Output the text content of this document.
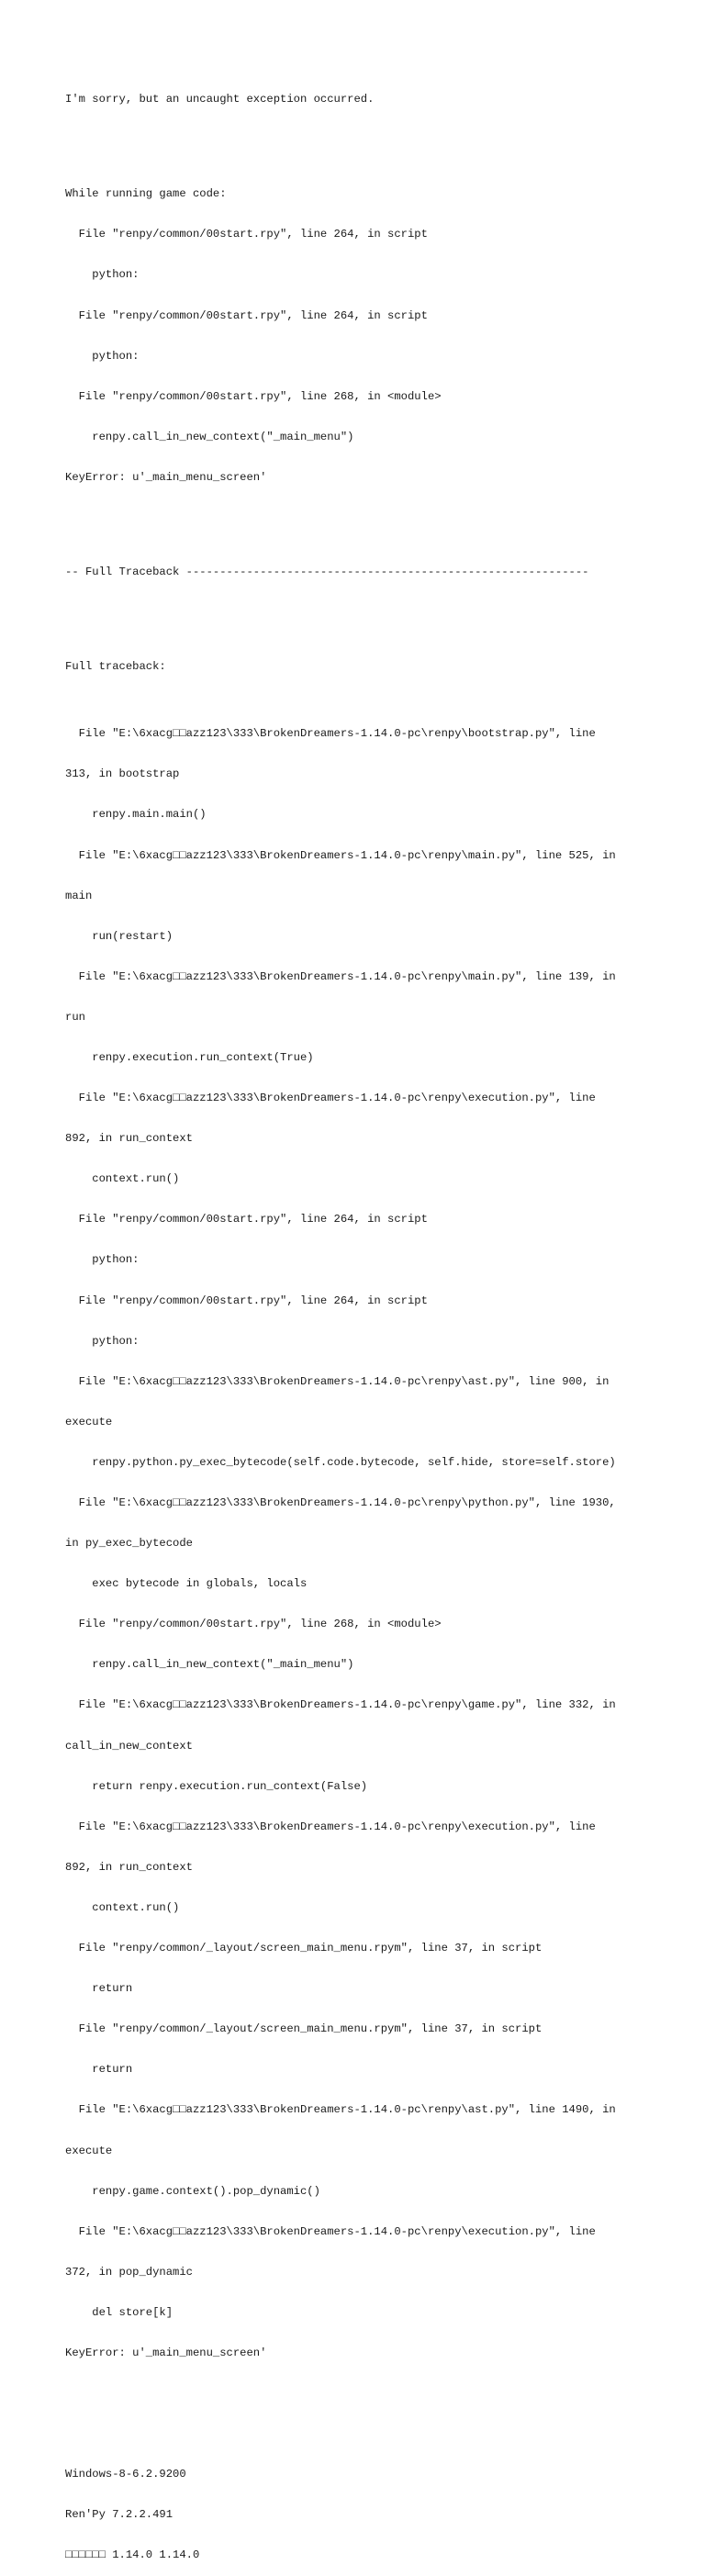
I'm sorry, but an uncaught exception occurred.

While running game code:

File "renpy/common/00start.rpy", line 264, in script

python:

File "renpy/common/00start.rpy", line 264, in script

python:

File "renpy/common/00start.rpy", line 268, in <module>

renpy.call_in_new_context("_main_menu")

KeyError: u'_main_menu_screen'

-- Full Traceback ------------------------------------------------------------

Full traceback:

File "E:\6xacg□□azz123\333\BrokenDreamers-1.14.0-pc\renpy\bootstrap.py", line

313, in bootstrap

renpy.main.main()

File "E:\6xacg□□azz123\333\BrokenDreamers-1.14.0-pc\renpy\main.py", line 525, in

main

run(restart)

File "E:\6xacg□□azz123\333\BrokenDreamers-1.14.0-pc\renpy\main.py", line 139, in

run

renpy.execution.run_context(True)

File "E:\6xacg□□azz123\333\BrokenDreamers-1.14.0-pc\renpy\execution.py", line

892, in run_context

context.run()

File "renpy/common/00start.rpy", line 264, in script

python:

File "renpy/common/00start.rpy", line 264, in script

python:

File "E:\6xacg□□azz123\333\BrokenDreamers-1.14.0-pc\renpy\ast.py", line 900, in

execute

renpy.python.py_exec_bytecode(self.code.bytecode, self.hide, store=self.store)

File "E:\6xacg□□azz123\333\BrokenDreamers-1.14.0-pc\renpy\python.py", line 1930,

in py_exec_bytecode

exec bytecode in globals, locals

File "renpy/common/00start.rpy", line 268, in <module>

renpy.call_in_new_context("_main_menu")

File "E:\6xacg□□azz123\333\BrokenDreamers-1.14.0-pc\renpy\game.py", line 332, in

call_in_new_context

return renpy.execution.run_context(False)

File "E:\6xacg□□azz123\333\BrokenDreamers-1.14.0-pc\renpy\execution.py", line

892, in run_context

context.run()

File "renpy/common/_layout/screen_main_menu.rpym", line 37, in script

return

File "renpy/common/_layout/screen_main_menu.rpym", line 37, in script

return

File "E:\6xacg□□azz123\333\BrokenDreamers-1.14.0-pc\renpy\ast.py", line 1490, in

execute

renpy.game.context().pop_dynamic()

File "E:\6xacg□□azz123\333\BrokenDreamers-1.14.0-pc\renpy\execution.py", line

372, in pop_dynamic

del store[k]

KeyError: u'_main_menu_screen'

Windows-8-6.2.9200

Ren'Py 7.2.2.491

□□□□□□ 1.14.0 1.14.0
